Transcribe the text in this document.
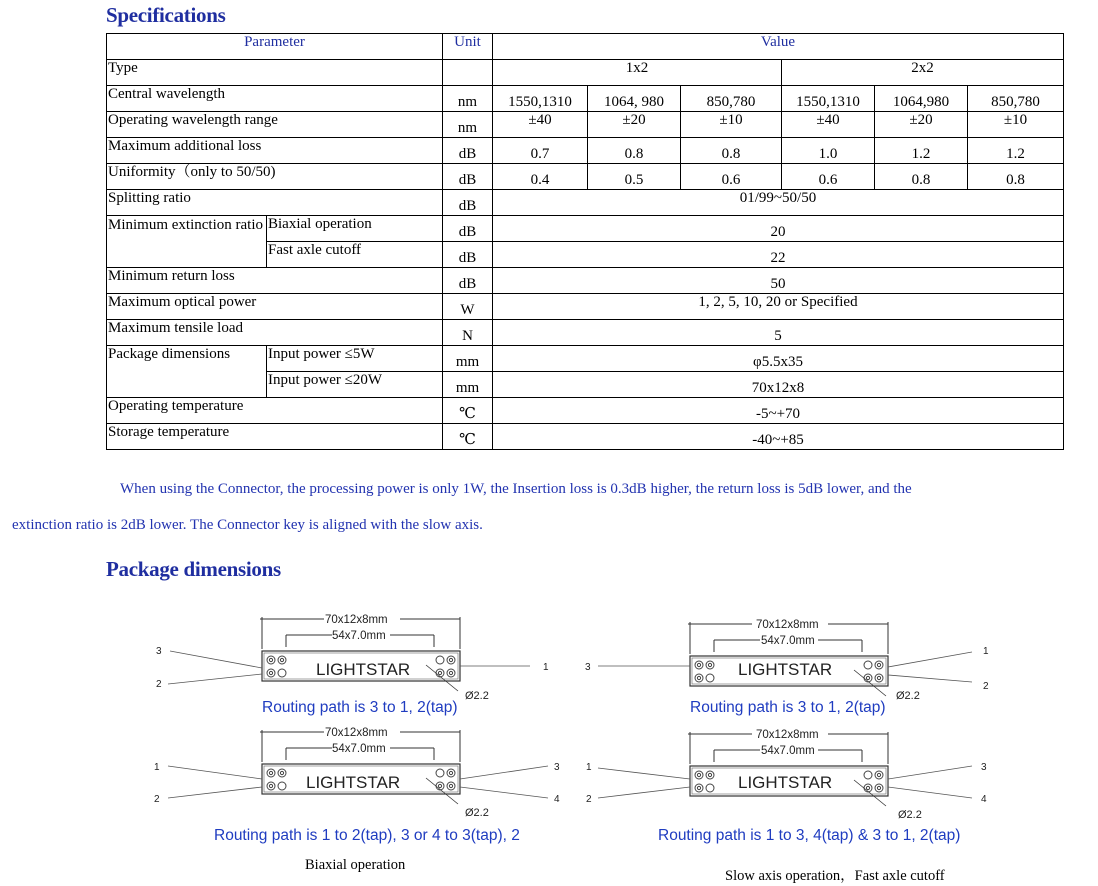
Specifications
Parameter		Unit	Value					
Type			1x2			2x2		
Central wavelength		nm	1550,1310	1064, 980	850,780	1550,1310	1064,980	850,780
Operating wavelength range		nm	±40	±20	±10	±40	±20	±10
Maximum additional loss		dB	0.7	0.8	0.8	1.0	1.2	1.2
Uniformity（only to 50/50)		dB	0.4	0.5	0.6	0.6	0.8	0.8
Splitting ratio		dB	01/99~50/50					
Minimum extinction ratio	Biaxial operation	dB	20					
	Fast axle cutoff	dB	22					
Minimum return loss		dB	50					
Maximum optical power		W	1, 2, 5, 10, 20 or Specified					
Maximum tensile load		N	5					
Package dimensions	Input power ≤5W	mm	φ5.5x35					
	Input power ≤20W	mm	70x12x8					
Operating temperature		℃	-5~+70					
Storage temperature		℃	-40~+85					
When using the Connector, the processing power is only 1W, the Insertion loss is 0.3dB higher, the return loss is 5dB lower, and the
extinction ratio is 2dB lower. The Connector key is aligned with the slow axis.
Package dimensions
70x12x8mm
54x7.0mm
LIGHTSTAR
Ø2.2
3
2
1
Routing path is 3 to 1, 2(tap)
70x12x8mm
54x7.0mm
LIGHTSTAR
Ø2.2
3
1
2
Routing path is 3 to 1, 2(tap)
70x12x8mm
54x7.0mm
LIGHTSTAR
Ø2.2
1
2
3
4
Routing path is 1 to 2(tap), 3 or 4 to 3(tap), 2
70x12x8mm
54x7.0mm
LIGHTSTAR
Ø2.2
1
2
3
4
Routing path is 1 to 3, 4(tap) & 3 to 1, 2(tap)
Biaxial operation
Slow axis operation，Fast axle cutoff
